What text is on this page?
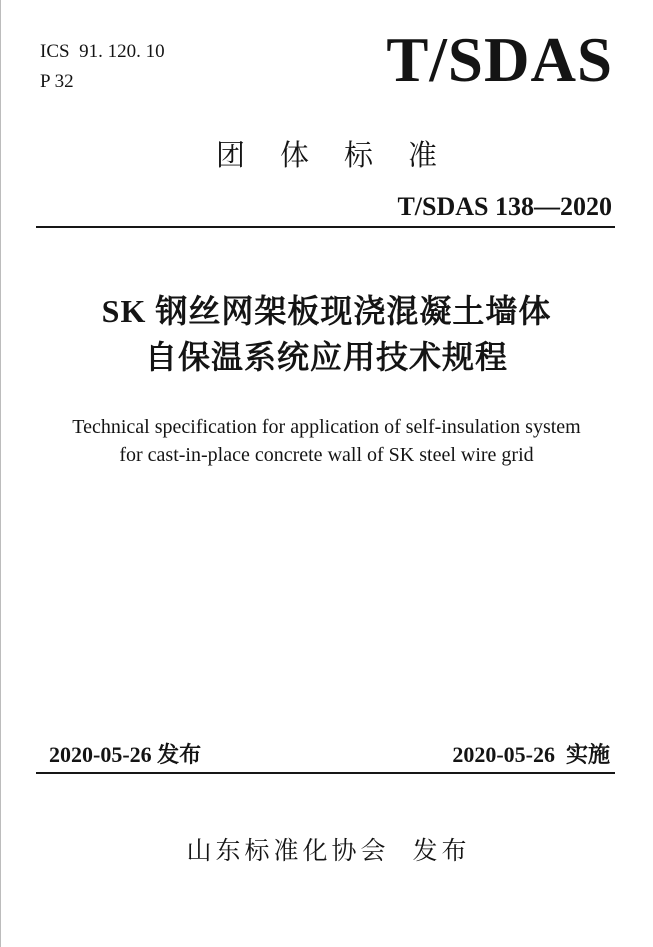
ICS  91. 120. 10
P 32	T/SDAS
团体标准
T/SDAS 138—2020
SK 钢丝网架板现浇混凝土墙体
自保温系统应用技术规程
Technical specification for application of self-insulation system
for cast-in-place concrete wall of SK steel wire grid
2020-05-26 发布	2020-05-26  实施
山东标准化协会 发布
